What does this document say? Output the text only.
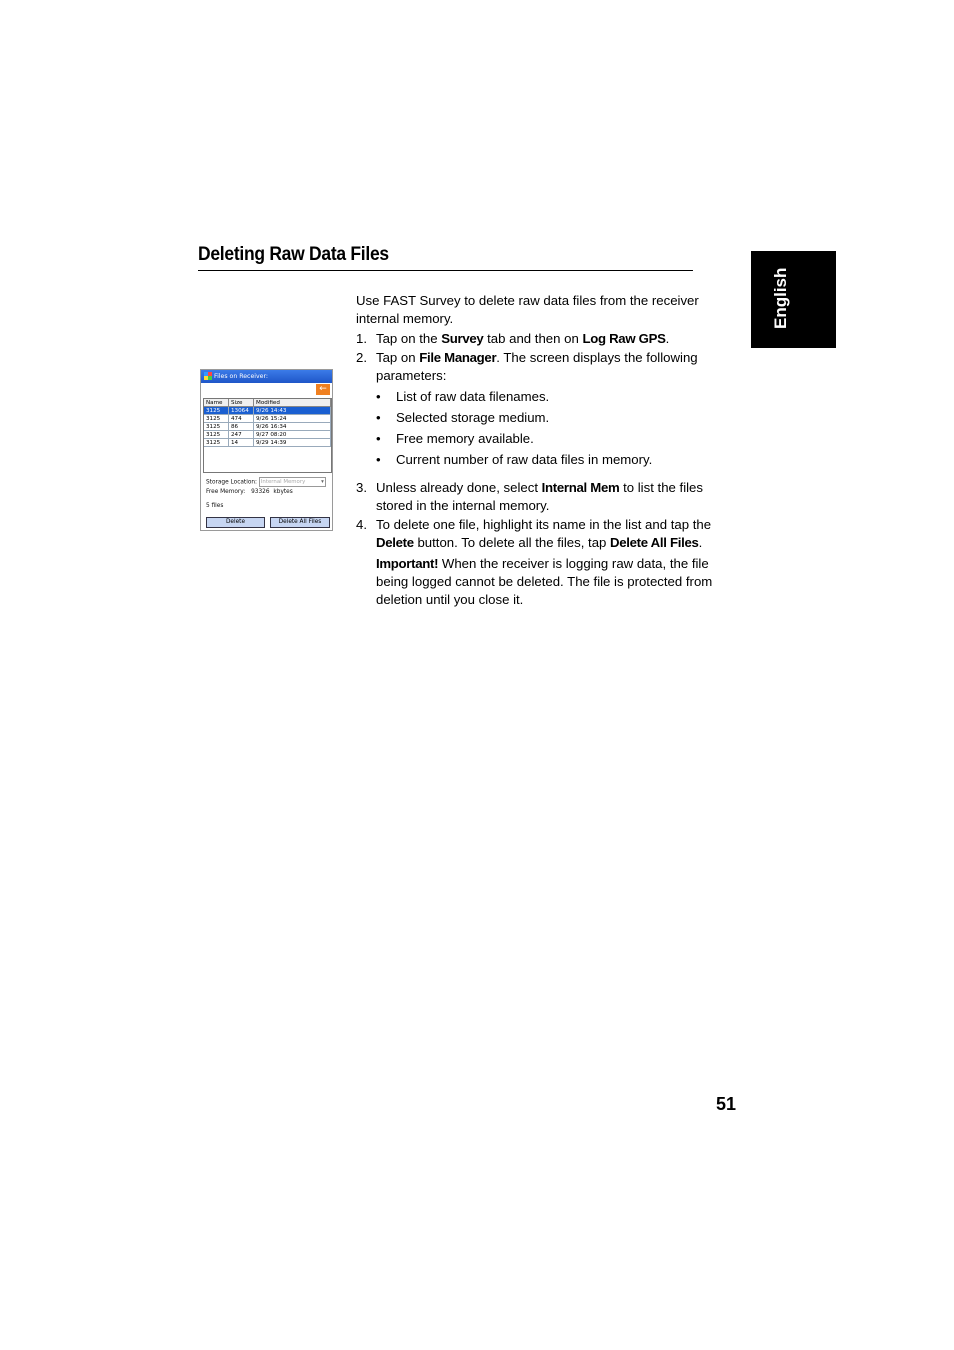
Deleting Raw Data Files
English
Files on Receiver:
←
Name	Size	Modified
3125	13064	9/26 14:43
3125	474	9/26 15:24
3125	86	9/26 16:34
3125	247	9/27 08:20
3125	14	9/29 14:39
Storage Location: Internal Memory	▾
Free Memory: 93326 kbytes
5 files
Delete	Delete All Files

Use FAST Survey to delete raw data files from the receiver internal memory.

1. Tap on the Survey tab and then on Log Raw GPS.
2. Tap on File Manager. The screen displays the following parameters:
• List of raw data filenames.
• Selected storage medium.
• Free memory available.
• Current number of raw data files in memory.
3. Unless already done, select Internal Mem to list the files stored in the internal memory.
4. To delete one file, highlight its name in the list and tap the Delete button. To delete all the files, tap Delete All Files.

Important! When the receiver is logging raw data, the file being logged cannot be deleted. The file is protected from deletion until you close it.

51
